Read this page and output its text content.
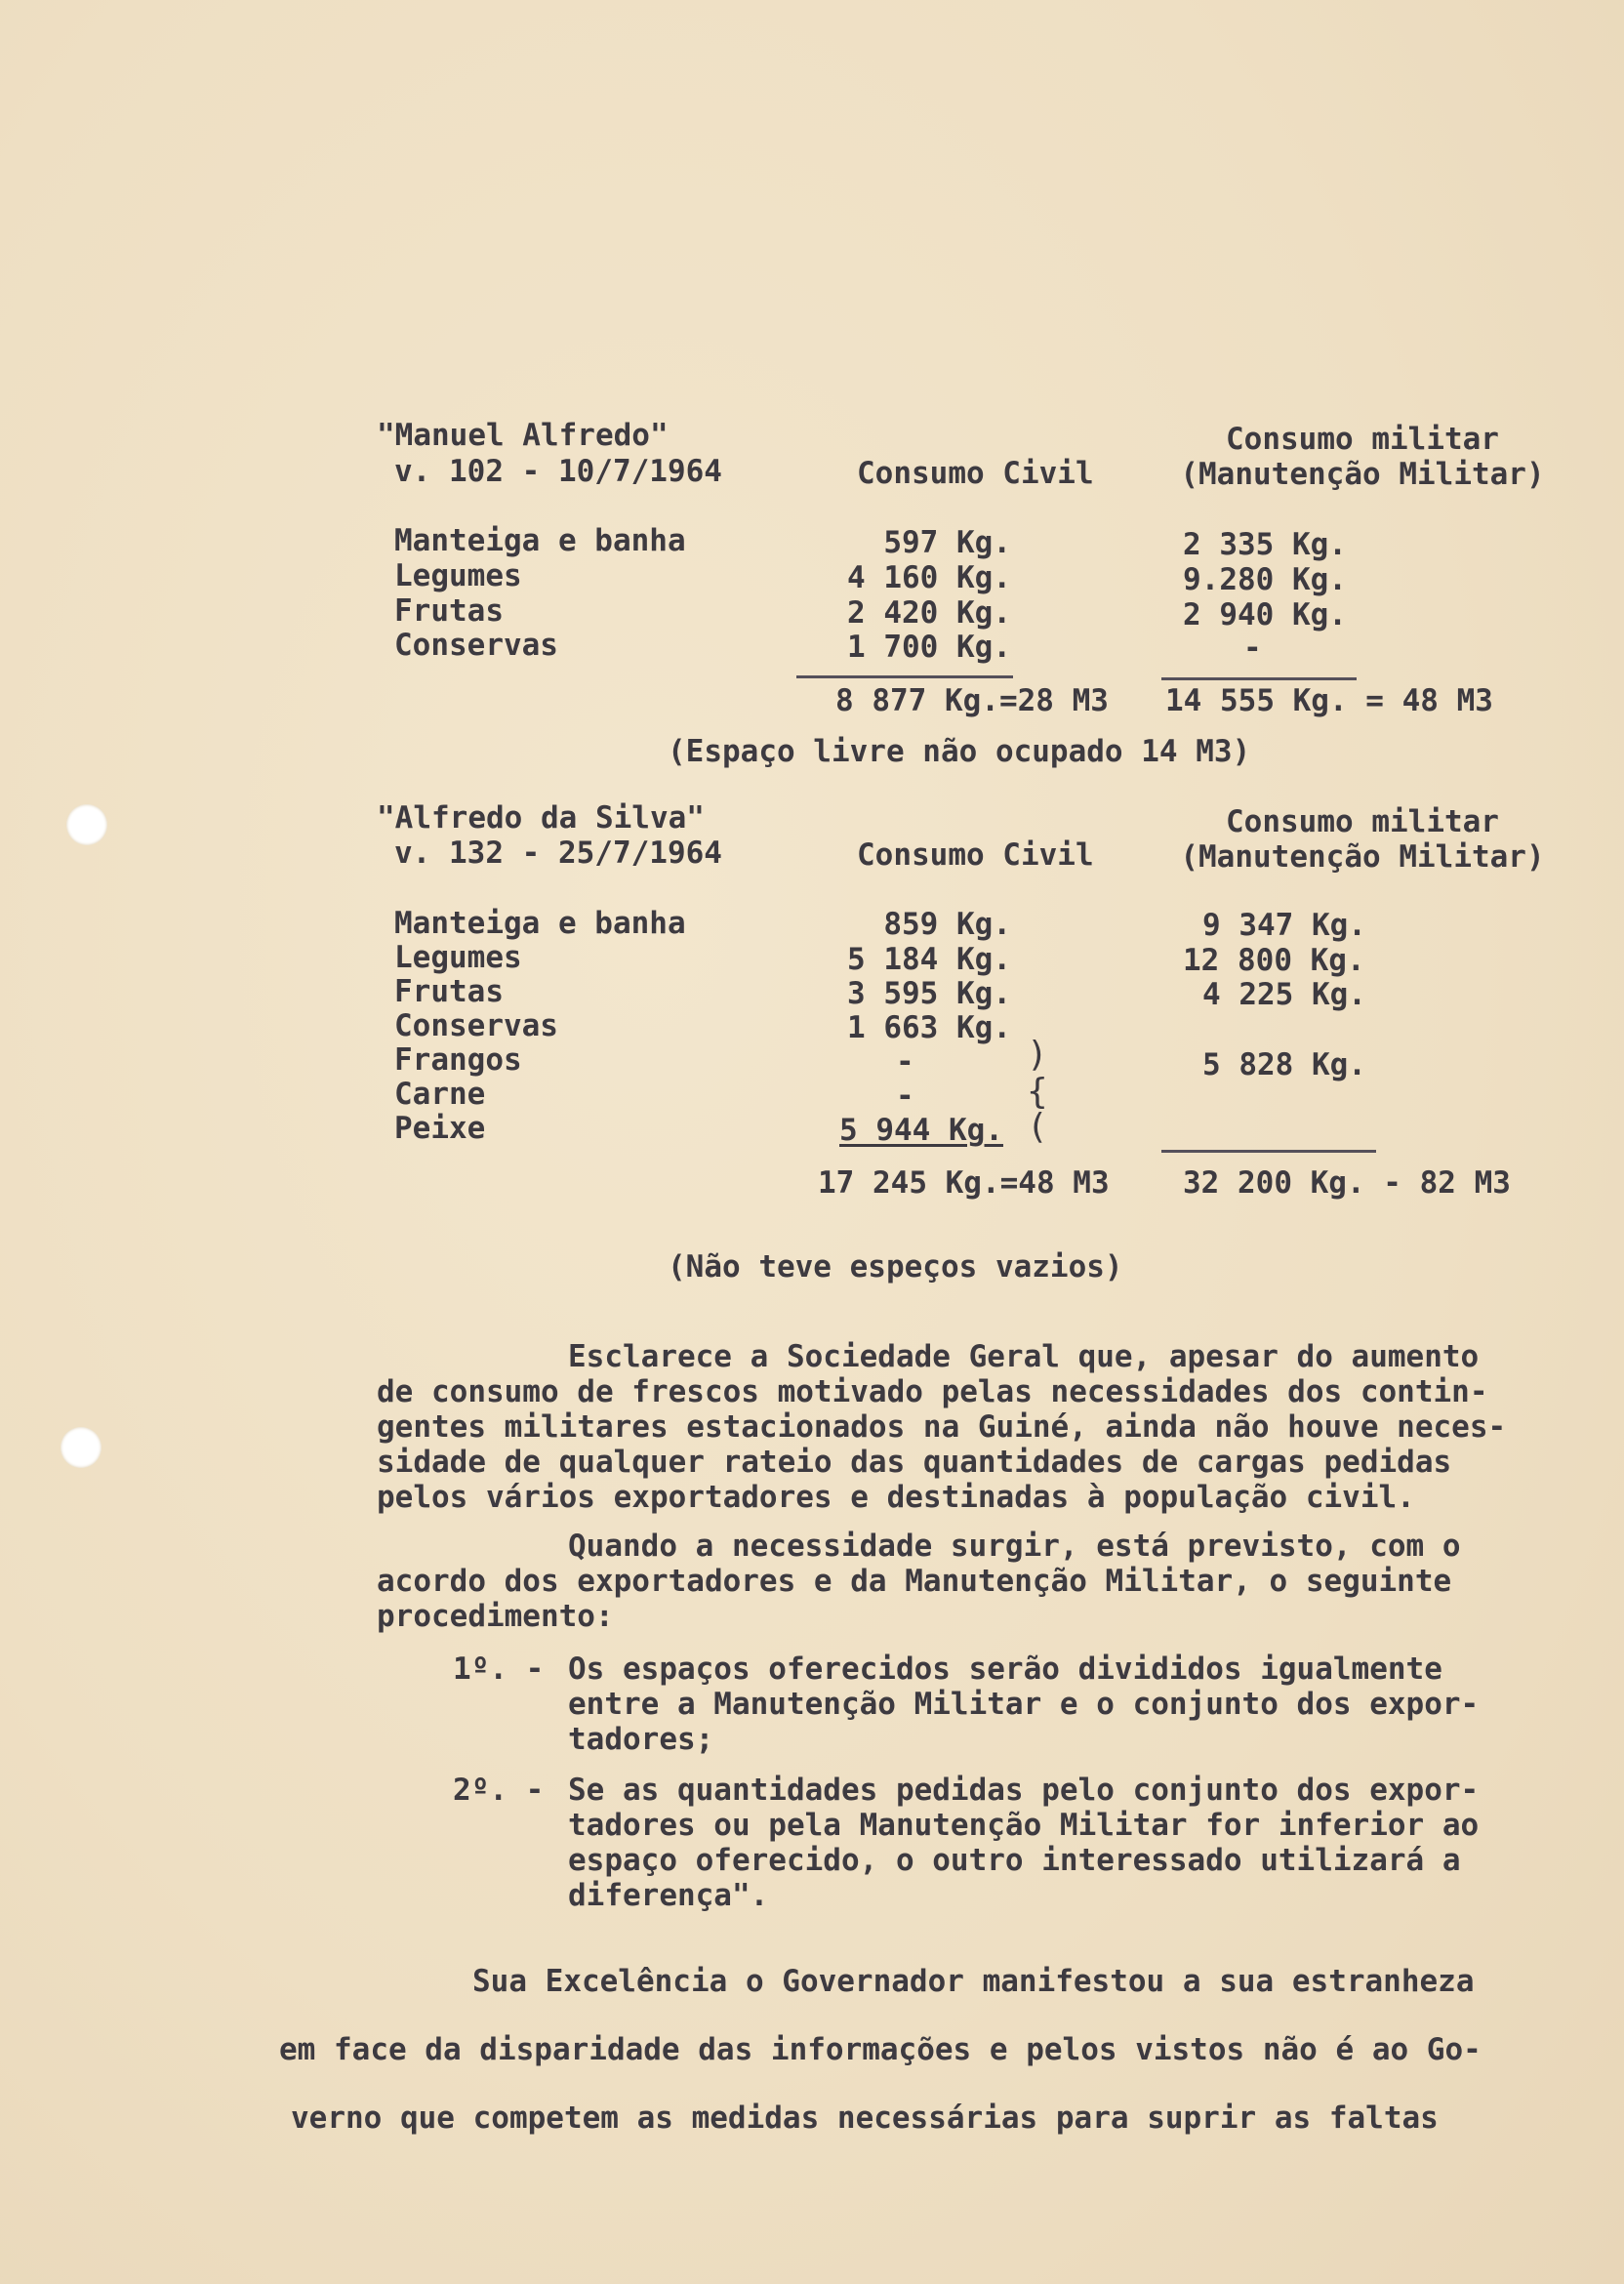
"Manuel Alfredo"
v. 102 - 10/7/1964	Consumo Civil
Consumo militar
(Manutenção Militar)
Manteiga e banha
Legumes
Frutas
Conservas
597 Kg.
4 160 Kg.
2 420 Kg.
1 700 Kg.
2 335 Kg.
9.280 Kg.
2 940 Kg.
-
8 877 Kg.=28 M3 14 555 Kg. = 48 M3
(Espaço livre não ocupado 14 M3)
"Alfredo da Silva"
v. 132 - 25/7/1964	Consumo Civil
Consumo militar
(Manutenção Militar)
Manteiga e banha
Legumes
Frutas
Conservas
Frangos
Carne
Peixe
859 Kg.
5 184 Kg.
3 595 Kg.
1 663 Kg.
-
-
5 944 Kg.
)
{
(
9 347 Kg.
12 800 Kg.
4 225 Kg.
5 828 Kg.
17 245 Kg.=48 M3 32 200 Kg. - 82 M3
(Não teve espeços vazios)
Esclarece a Sociedade Geral que, apesar do aumento
de consumo de frescos motivado pelas necessidades dos contin-
gentes militares estacionados na Guiné, ainda não houve neces-
sidade de qualquer rateio das quantidades de cargas pedidas
pelos vários exportadores e destinadas à população civil.
Quando a necessidade surgir, está previsto, com o
acordo dos exportadores e da Manutenção Militar, o seguinte
procedimento:
1º. - Os espaços oferecidos serão divididos igualmente
entre a Manutenção Militar e o conjunto dos expor-
tadores;
2º. - Se as quantidades pedidas pelo conjunto dos expor-
tadores ou pela Manutenção Militar for inferior ao
espaço oferecido, o outro interessado utilizará a
diferença".
Sua Excelência o Governador manifestou a sua estranheza
em face da disparidade das informações e pelos vistos não é ao Go-
verno que competem as medidas necessárias para suprir as faltas
